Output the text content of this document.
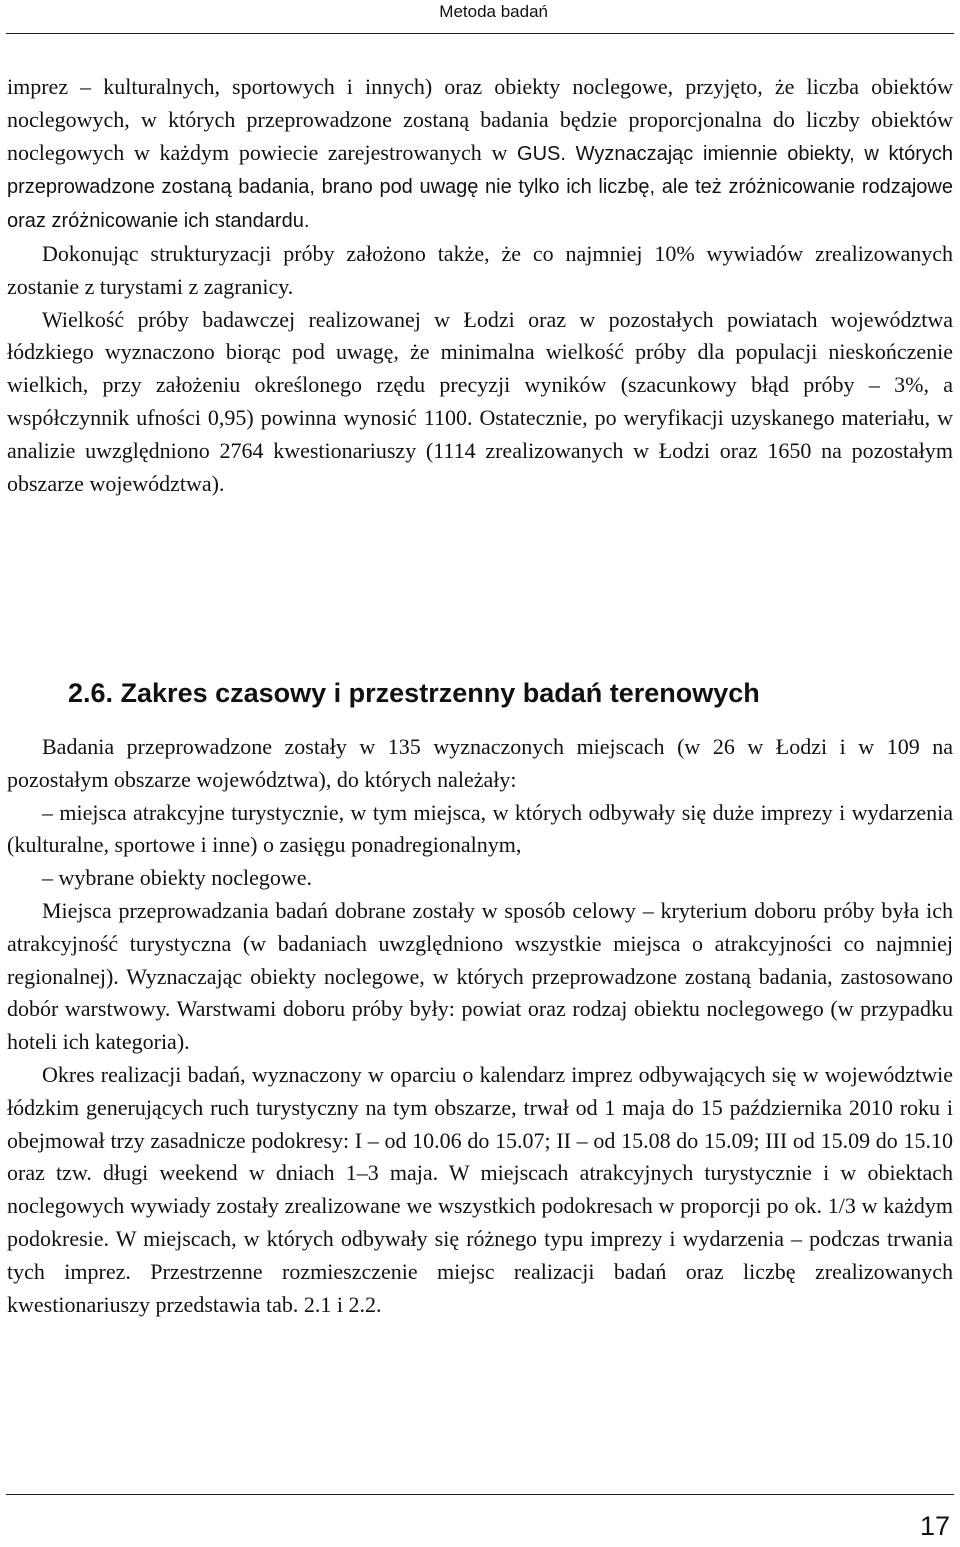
Metoda badań

imprez – kulturalnych, sportowych i innych) oraz obiekty noclegowe, przyjęto, że liczba obiektów noclegowych, w których przeprowadzone zostaną badania będzie proporcjonalna do liczby obiektów noclegowych w każdym powiecie zarejestrowanych w GUS. Wyznaczając imiennie obiekty, w których przeprowadzone zostaną badania, brano pod uwagę nie tylko ich liczbę, ale też zróżnicowanie rodzajowe oraz zróżnicowanie ich standardu.

Dokonując strukturyzacji próby założono także, że co najmniej 10% wywiadów zrealizowanych zostanie z turystami z zagranicy.

Wielkość próby badawczej realizowanej w Łodzi oraz w pozostałych powiatach województwa łódzkiego wyznaczono biorąc pod uwagę, że minimalna wielkość próby dla populacji nieskończenie wielkich, przy założeniu określonego rzędu precyzji wyników (szacunkowy błąd próby – 3%, a współczynnik ufności 0,95) powinna wynosić 1100. Ostatecznie, po weryfikacji uzyskanego materiału, w analizie uwzględniono 2764 kwestionariuszy (1114 zrealizowanych w Łodzi oraz 1650 na pozostałym obszarze województwa).

2.6. Zakres czasowy i przestrzenny badań terenowych

Badania przeprowadzone zostały w 135 wyznaczonych miejscach (w 26 w Łodzi i w 109 na pozostałym obszarze województwa), do których należały:

– miejsca atrakcyjne turystycznie, w tym miejsca, w których odbywały się duże imprezy i wydarzenia (kulturalne, sportowe i inne) o zasięgu ponadregionalnym,

– wybrane obiekty noclegowe.

Miejsca przeprowadzania badań dobrane zostały w sposób celowy – kryterium doboru próby była ich atrakcyjność turystyczna (w badaniach uwzględniono wszystkie miejsca o atrakcyjności co najmniej regionalnej). Wyznaczając obiekty noclegowe, w których przeprowadzone zostaną badania, zastosowano dobór warstwowy. Warstwami doboru próby były: powiat oraz rodzaj obiektu noclegowego (w przypadku hoteli ich kategoria).

Okres realizacji badań, wyznaczony w oparciu o kalendarz imprez odbywających się w województwie łódzkim generujących ruch turystyczny na tym obszarze, trwał od 1 maja do 15 października 2010 roku i obejmował trzy zasadnicze podokresy: I – od 10.06 do 15.07; II – od 15.08 do 15.09; III od 15.09 do 15.10 oraz tzw. długi weekend w dniach 1–3 maja. W miejscach atrakcyjnych turystycznie i w obiektach noclegowych wywiady zostały zrealizowane we wszystkich podokresach w proporcji po ok. 1/3 w każdym podokresie. W miejscach, w których odbywały się różnego typu imprezy i wydarzenia – podczas trwania tych imprez. Przestrzenne rozmieszczenie miejsc realizacji badań oraz liczbę zrealizowanych kwestionariuszy przedstawia tab. 2.1 i 2.2.

17
